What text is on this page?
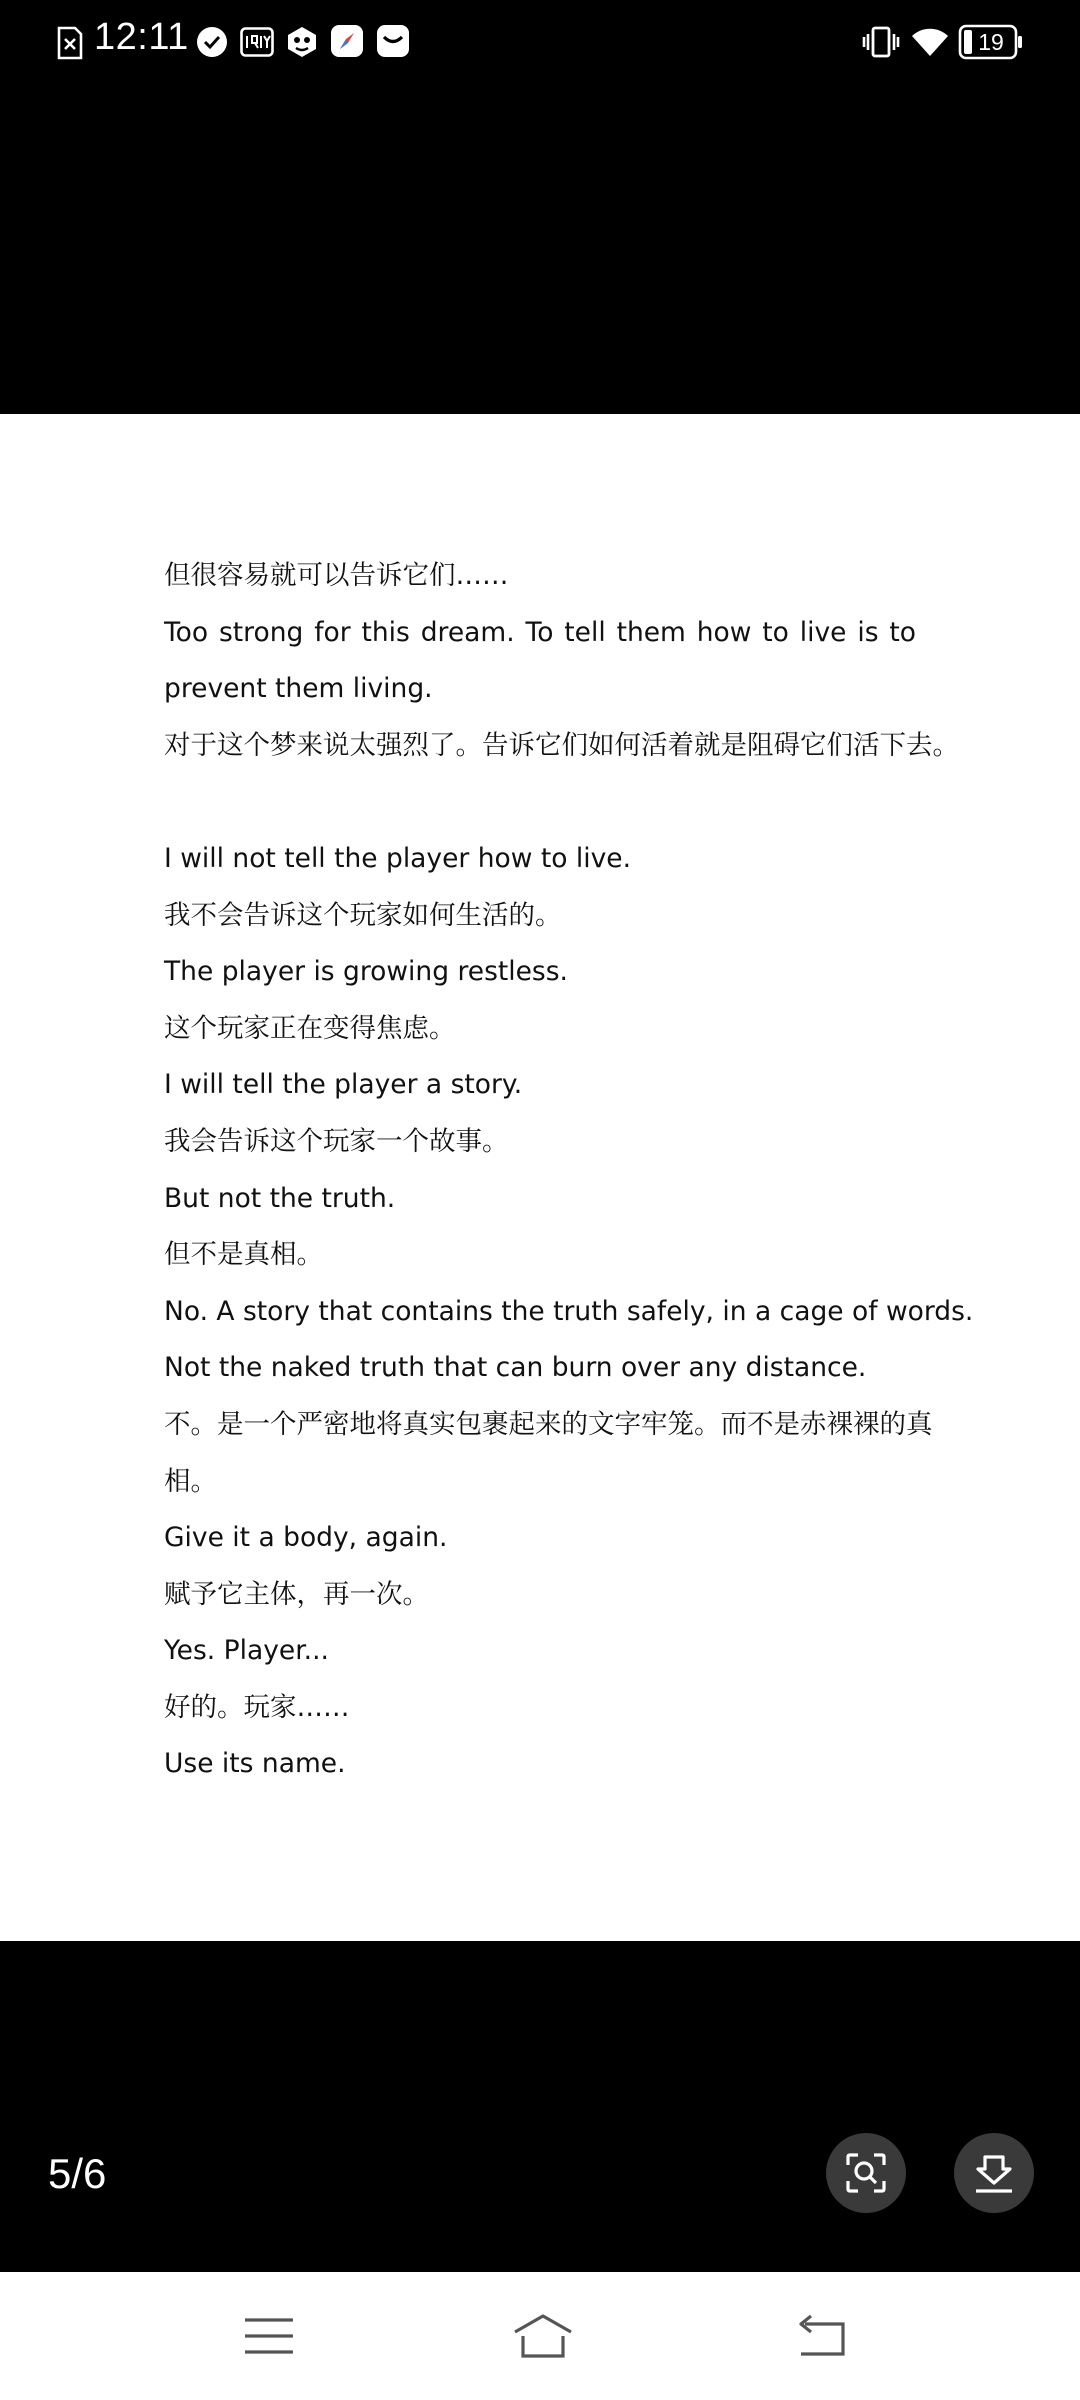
12:11	19
但很容易就可以告诉它们……
Too strong for this dream. To tell them how to live is to
prevent them living.
对于这个梦来说太强烈了。告诉它们如何活着就是阻碍它们活下去。
I will not tell the player how to live.
我不会告诉这个玩家如何生活的。
The player is growing restless.
这个玩家正在变得焦虑。
I will tell the player a story.
我会告诉这个玩家一个故事。
But not the truth.
但不是真相。
No. A story that contains the truth safely, in a cage of words.
Not the naked truth that can burn over any distance.
不。是一个严密地将真实包裹起来的文字牢笼。而不是赤裸裸的真
相。
Give it a body, again.
赋予它主体，再一次。
Yes. Player...
好的。玩家……
Use its name.
5/6
